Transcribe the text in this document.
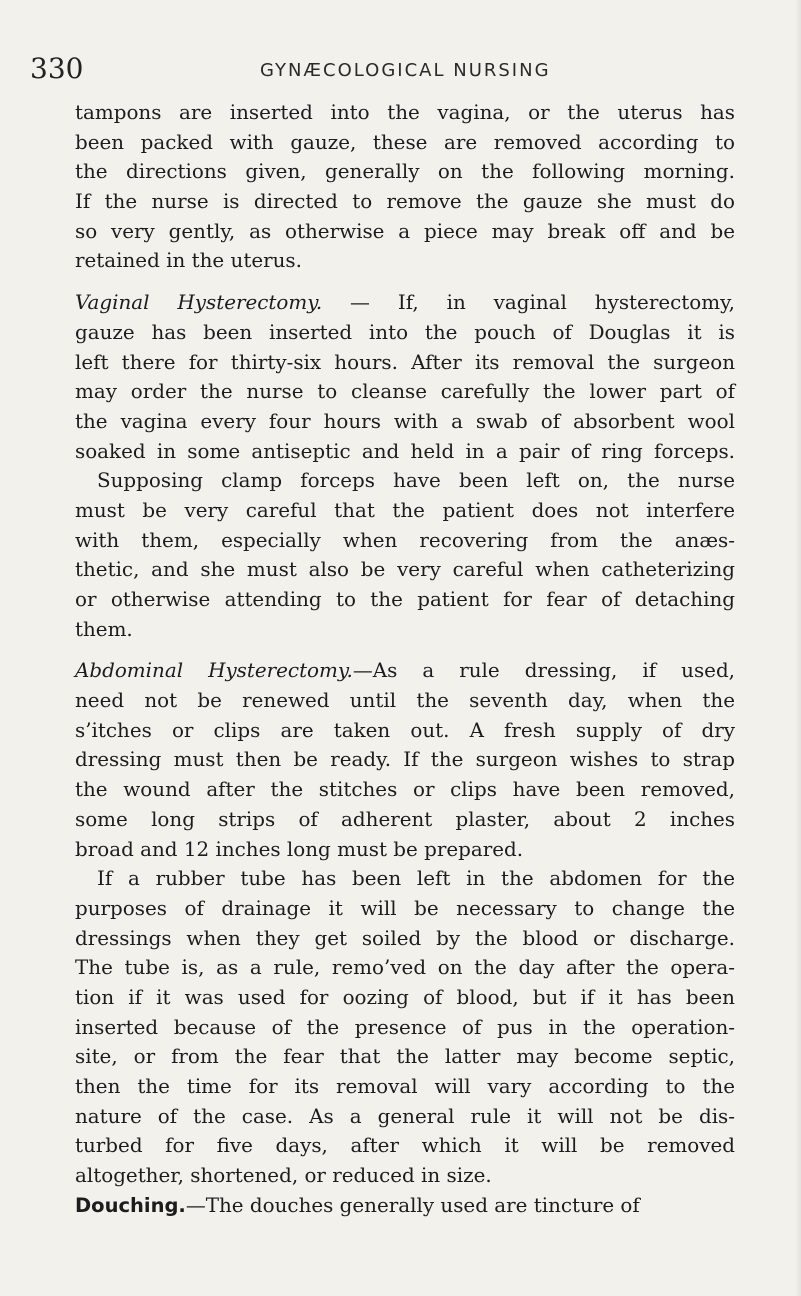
330	GYNÆCOLOGICAL NURSING
tampons are inserted into the vagina, or the uterus has
been packed with gauze, these are removed according to
the directions given, generally on the following morning.
If the nurse is directed to remove the gauze she must do
so very gently, as otherwise a piece may break off and be
retained in the uterus.
Vaginal Hysterectomy. — If, in vaginal hysterectomy,
gauze has been inserted into the pouch of Douglas it is
left there for thirty-six hours. After its removal the surgeon
may order the nurse to cleanse carefully the lower part of
the vagina every four hours with a swab of absorbent wool
soaked in some antiseptic and held in a pair of ring forceps.
Supposing clamp forceps have been left on, the nurse
must be very careful that the patient does not interfere
with them, especially when recovering from the anæs-
thetic, and she must also be very careful when catheterizing
or otherwise attending to the patient for fear of detaching
them.
Abdominal Hysterectomy.—As a rule dressing, if used,
need not be renewed until the seventh day, when the
s’itches or clips are taken out. A fresh supply of dry
dressing must then be ready. If the surgeon wishes to strap
the wound after the stitches or clips have been removed,
some long strips of adherent plaster, about 2 inches
broad and 12 inches long must be prepared.
If a rubber tube has been left in the abdomen for the
purposes of drainage it will be necessary to change the
dressings when they get soiled by the blood or discharge.
The tube is, as a rule, remo’ved on the day after the opera-
tion if it was used for oozing of blood, but if it has been
inserted because of the presence of pus in the operation-
site, or from the fear that the latter may become septic,
then the time for its removal will vary according to the
nature of the case. As a general rule it will not be dis-
turbed for five days, after which it will be removed
altogether, shortened, or reduced in size.
Douching.—The douches generally used are tincture of
